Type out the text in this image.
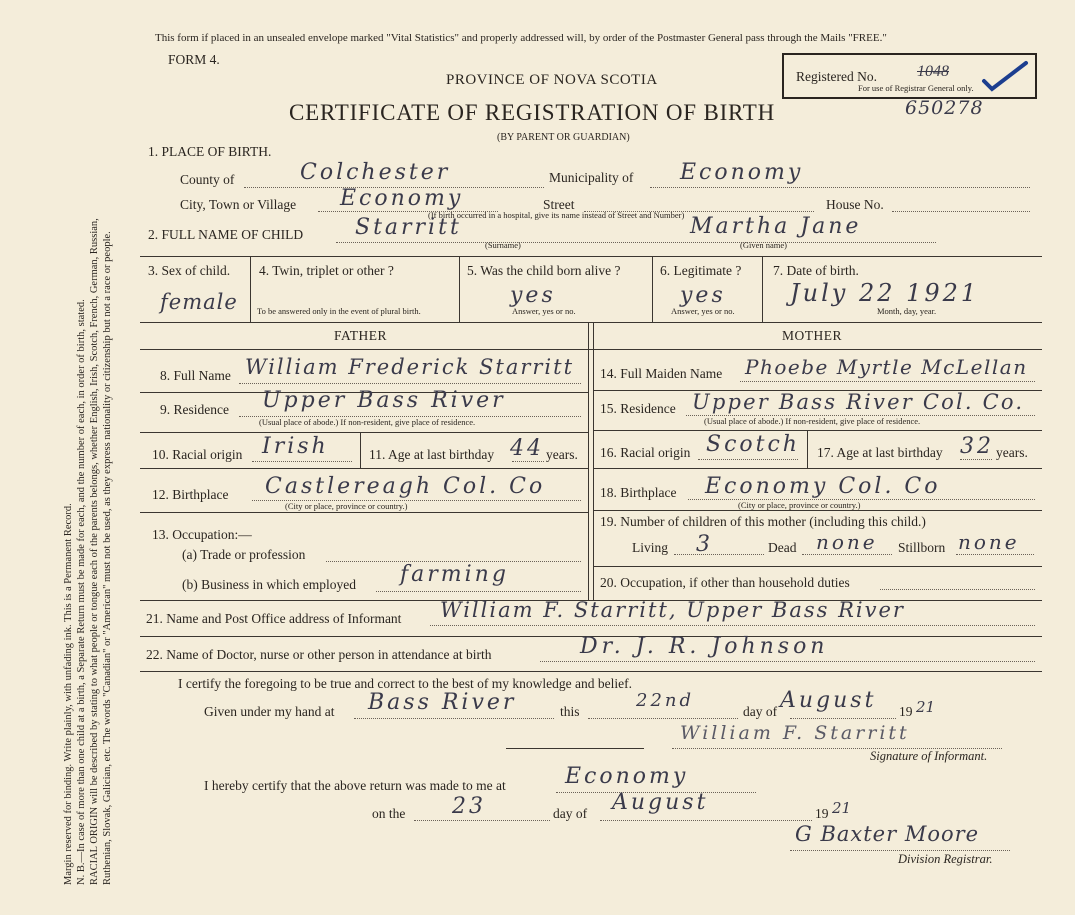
Margin reserved for binding. Write plainly, with unfading ink. This is a Permanent Record. N. B.—In case of more than one child at a birth, a Separate Return must be made for each, and the number of each, in order of birth, stated. RACIAL ORIGIN will be described by stating to what people or tongue each of the parents belongs, whether English, Irish, Scotch, French, German, Russian, Ruthenian, Slovak, Galician, etc. The words "Canadian" or "American" must not be used, as they express nationality or citizenship but not a race or people.
This form if placed in an unsealed envelope marked "Vital Statistics" and properly addressed will, by order of the Postmaster General pass through the Mails "FREE."
FORM 4.
PROVINCE OF NOVA SCOTIA
CERTIFICATE OF REGISTRATION OF BIRTH
(BY PARENT OR GUARDIAN)
Registered No.	1048
For use of Registrar General only.
650278
1. PLACE OF BIRTH.
County of	Colchester	Municipality of Economy
City, Town or Village Economy	Street	House No.
(If birth occurred in a hospital, give its name instead of Street and Number)
2. FULL NAME OF CHILD Starritt
(Surname)
Martha Jane
(Given name)
3. Sex of child.
female
4. Twin, triplet or other ?
To be answered only in the event of plural birth.
5. Was the child born alive ?
yes
Answer, yes or no.
6. Legitimate ?
yes
Answer, yes or no.
7. Date of birth.
July 22 1921
Month, day, year.
FATHER	MOTHER
8. Full Name William Frederick Starritt
9. Residence Upper Bass River
(Usual place of abode.) If non-resident, give place of residence.
10. Racial origin Irish	11. Age at last birthday 44 years.
12. Birthplace Castlereagh Col. Co
(City or place, province or country.)
13. Occupation:—
(a) Trade or profession
(b) Business in which employed farming
14. Full Maiden Name Phoebe Myrtle McLellan
15. Residence Upper Bass River Col. Co.
(Usual place of abode.) If non-resident, give place of residence.
16. Racial origin Scotch 17. Age at last birthday 32 years.
18. Birthplace Economy Col. Co
(City or place, province or country.)
19. Number of children of this mother (including this child.)
Living 3	Dead none Stillborn none
20. Occupation, if other than household duties
21. Name and Post Office address of Informant William F. Starritt, Upper Bass River
22. Name of Doctor, nurse or other person in attendance at birth	Dr. J. R. Johnson
I certify the foregoing to be true and correct to the best of my knowledge and belief.
Given under my hand at Bass River	this
22nd
day of August 19 21
William F. Starritt
Signature of Informant.
I hereby certify that the above return was made to me at	Economy
on the 23	day of August	19 21
G Baxter Moore
Division Registrar.
